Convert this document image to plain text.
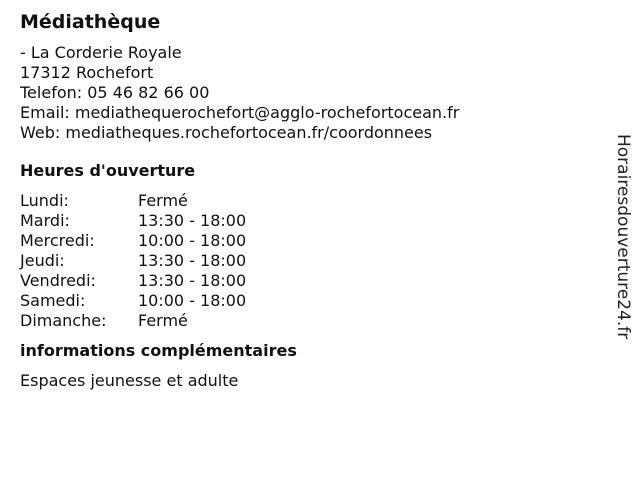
Médiathèque
- La Corderie Royale
17312 Rochefort
Telefon: 05 46 82 66 00
Email: mediathequerochefort@agglo-rochefortocean.fr
Web: mediatheques.rochefortocean.fr/coordonnees
Heures d'ouverture
Lundi:	Fermé
Mardi:	13:30 - 18:00
Mercredi:	10:00 - 18:00
Jeudi:	13:30 - 18:00
Vendredi:	13:30 - 18:00
Samedi:	10:00 - 18:00
Dimanche:	Fermé
informations complémentaires
Espaces jeunesse et adulte
Horairesdouverture24.fr
